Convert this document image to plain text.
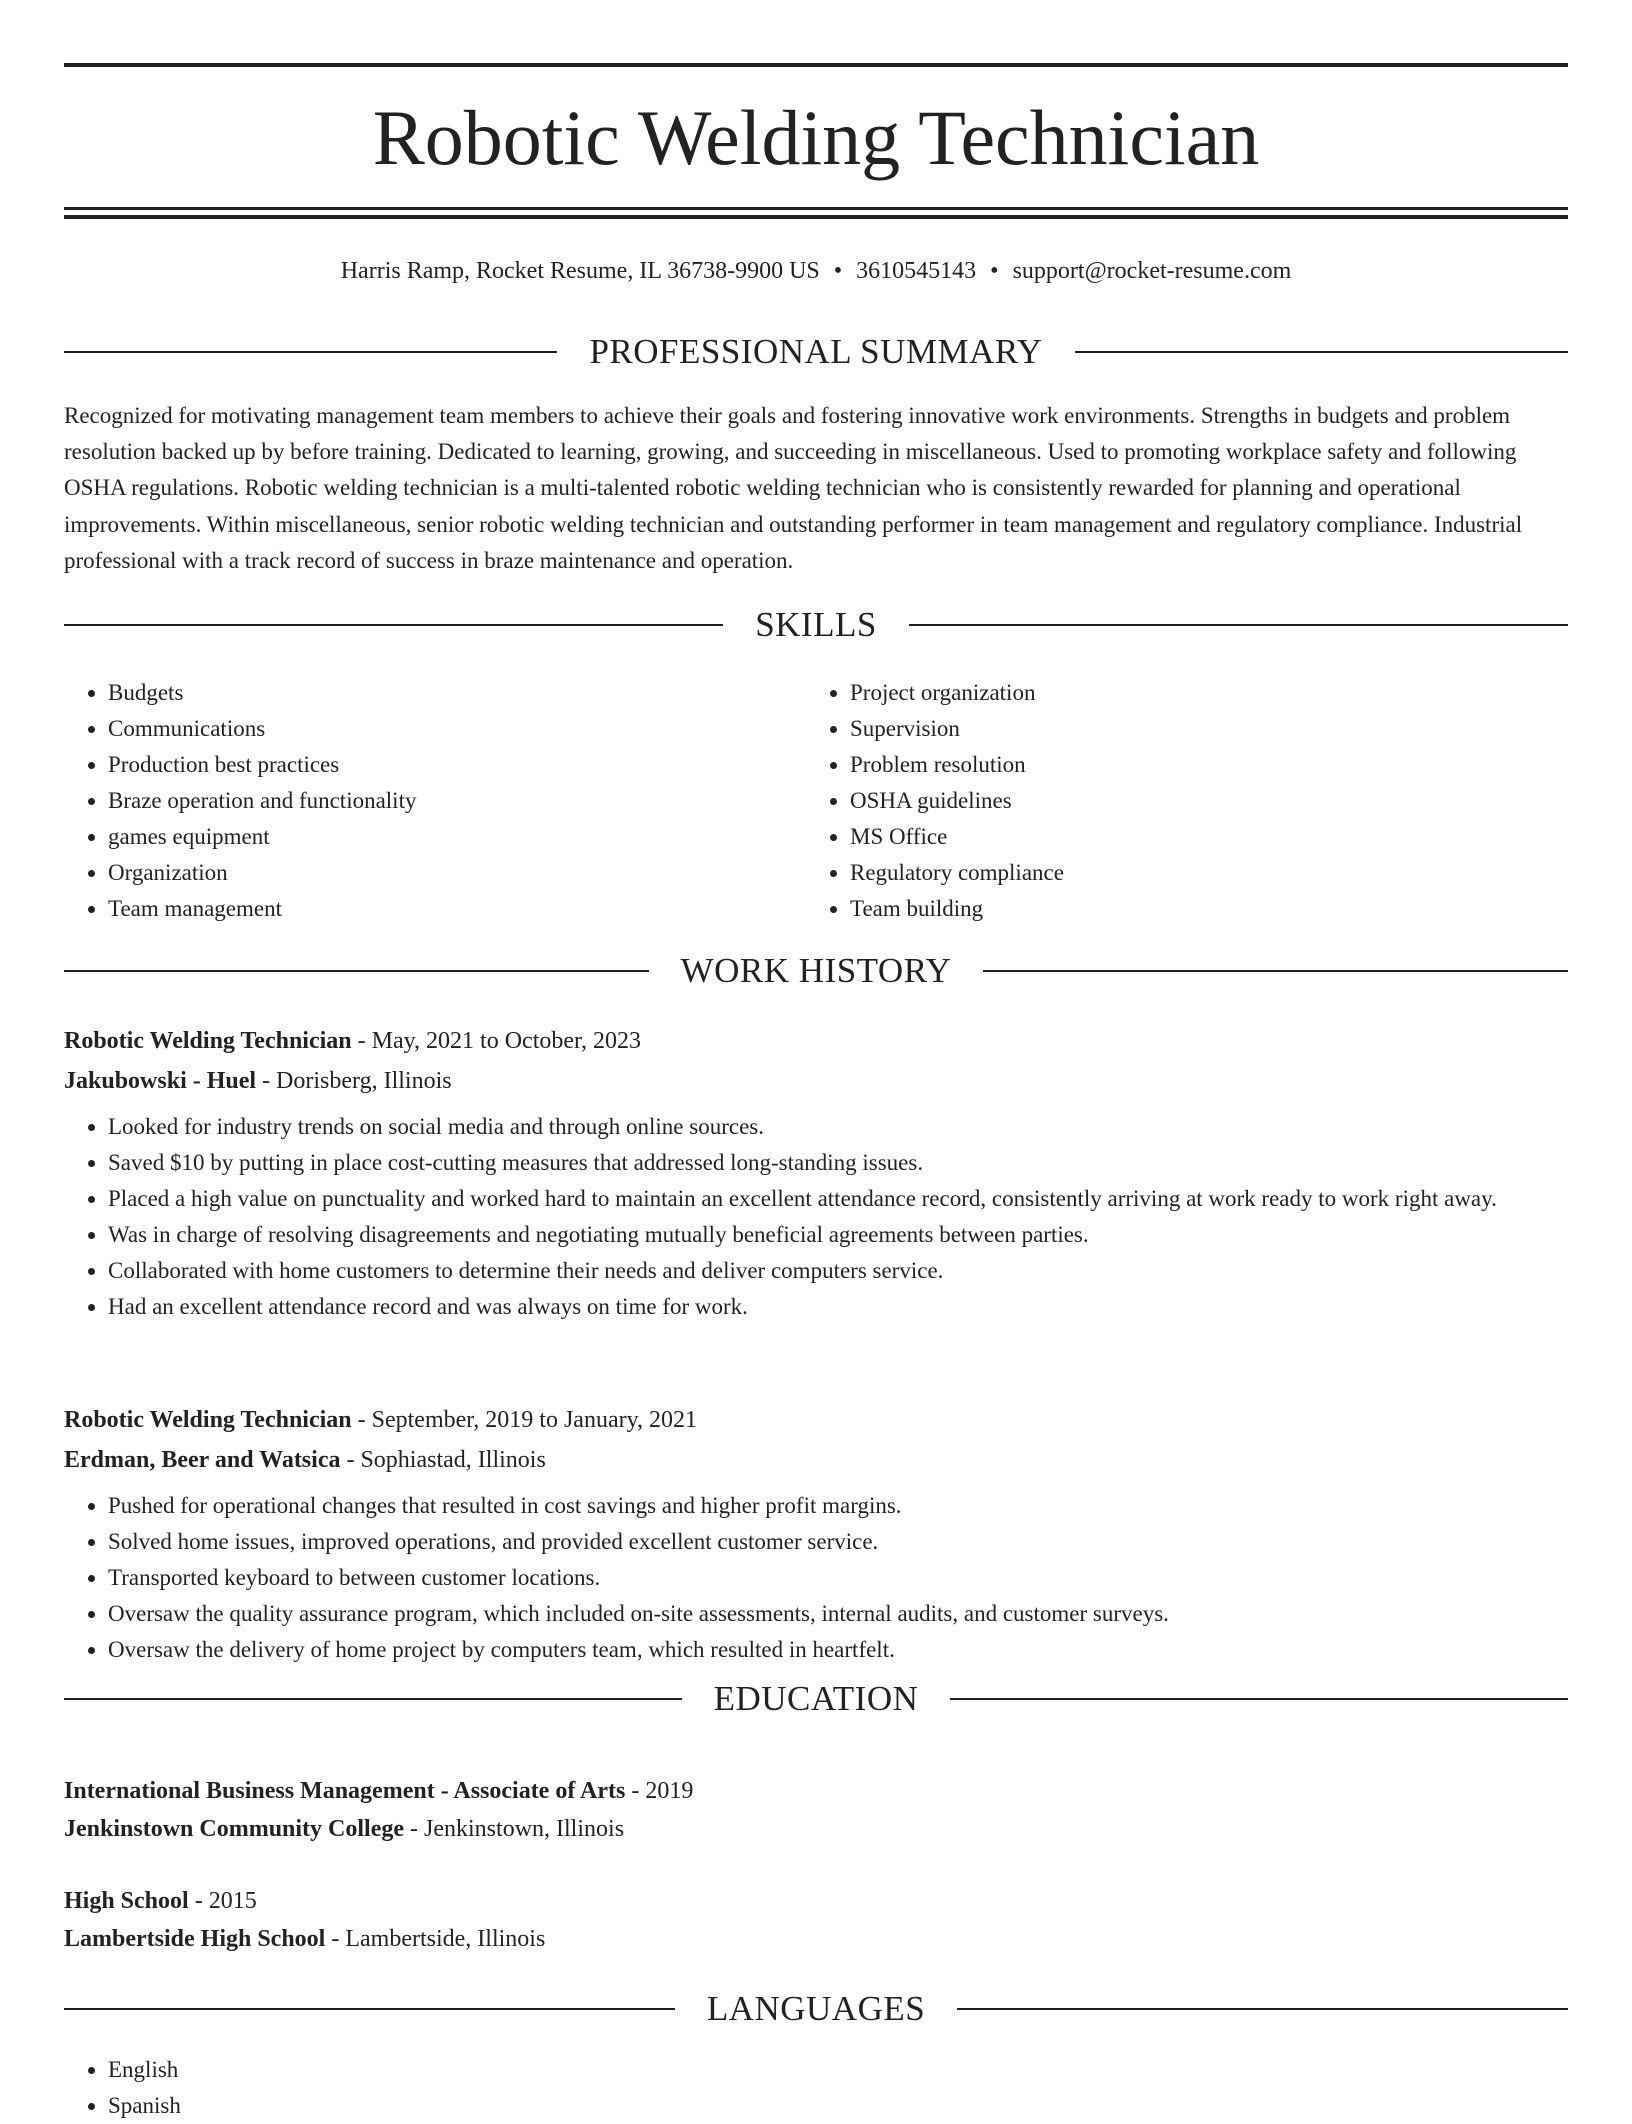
Robotic Welding Technician
Harris Ramp, Rocket Resume, IL 36738-9900 US • 3610545143 • support@rocket-resume.com
PROFESSIONAL SUMMARY

Recognized for motivating management team members to achieve their goals and fostering innovative work environments. Strengths in budgets and problem resolution backed up by before training. Dedicated to learning, growing, and succeeding in miscellaneous. Used to promoting workplace safety and following OSHA regulations. Robotic welding technician is a multi-talented robotic welding technician who is consistently rewarded for planning and operational improvements. Within miscellaneous, senior robotic welding technician and outstanding performer in team management and regulatory compliance. Industrial professional with a track record of success in braze maintenance and operation.

SKILLS
• Budgets
• Communications
• Production best practices
• Braze operation and functionality
• games equipment
• Organization
• Team management
• Project organization
• Supervision
• Problem resolution
• OSHA guidelines
• MS Office
• Regulatory compliance
• Team building
WORK HISTORY
Robotic Welding Technician - May, 2021 to October, 2023
Jakubowski - Huel - Dorisberg, Illinois
• Looked for industry trends on social media and through online sources.
• Saved $10 by putting in place cost-cutting measures that addressed long-standing issues.
• Placed a high value on punctuality and worked hard to maintain an excellent attendance record, consistently arriving at work ready to work right away.
• Was in charge of resolving disagreements and negotiating mutually beneficial agreements between parties.
• Collaborated with home customers to determine their needs and deliver computers service.
• Had an excellent attendance record and was always on time for work.
Robotic Welding Technician - September, 2019 to January, 2021
Erdman, Beer and Watsica - Sophiastad, Illinois
• Pushed for operational changes that resulted in cost savings and higher profit margins.
• Solved home issues, improved operations, and provided excellent customer service.
• Transported keyboard to between customer locations.
• Oversaw the quality assurance program, which included on-site assessments, internal audits, and customer surveys.
• Oversaw the delivery of home project by computers team, which resulted in heartfelt.
EDUCATION
International Business Management - Associate of Arts - 2019
Jenkinstown Community College - Jenkinstown, Illinois
High School - 2015
Lambertside High School - Lambertside, Illinois
LANGUAGES
• English
• Spanish
